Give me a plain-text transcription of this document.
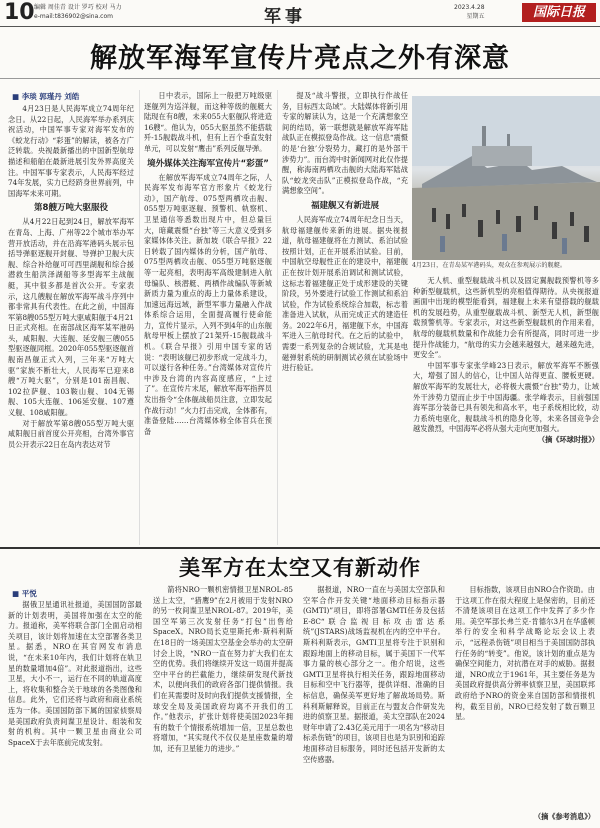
10 编辑 周佳青 设计 罗巧 校对 马力
e-mail:t836902@sina.com	军事	2023.4.28
星期五	国际日报
解放军海军宣传片亮点之外有深意
■ 李琰 郭瑾丹 刘皓

4月23日是人民海军成立74周年纪念日。从22日起，人民海军举办系列庆祝活动，中国军事专家对海军发布的《蛟龙行动》“彩蛋”的解读，被各方广泛转载。央视最新播出的中国新型航母描述和船舶在最新进展引发外界高度关注。中国军事专家表示，人民海军经过74年发展，实力已经跻身世界前列，中国海军未来可期。

第8艘万吨大驱服役

从4月22日起到24日，解放军海军在青岛、上海、广州等22个城市举办军营开放活动，并在沿海军港码头展示包括导弹驱逐舰开封舰、导弹护卫舰大庆舰、综合补给舰可可西里湖舰和综合援潜救生船洪泽湖船等多型海军主战舰艇，其中很多都是首次公开。专家表示，这几艘舰在解放军海军战斗序列中都非常具有代表性。在此之前，中国海军第8艘055型万吨大驱咸阳舰于4月21日正式亮相。在南部战区海军某军港码头，咸阳舰、大连舰、延安舰三艘055型驱逐舰同框。2020年055型驱逐舰首舰南昌舰正式入列，三年来“万吨大驱”家族不断壮大，人民海军已迎来8艘“万吨大驱”，分别是101南昌舰、102拉萨舰、103鞍山舰、104无锡舰、105大连舰、106延安舰、107遵义舰、108咸阳舰。

对于解放军第8艘055型万吨大驱咸阳舰日前首度公开亮相，台湾外事官员公开表示22日在岛内表达对节

日中表示，国际上一般把万吨级驱逐舰列为巡洋舰，而这种等级的舰艇大陆现在有8艘，未来055大驱舰队将进造16艘“。他认为，055大驱虽然不能搭载歼-15舰载战斗机，但有上百个垂直发射单元，可以发射“鹰击”系列反舰导弹。

境外媒体关注海军宣传片“彩蛋”

在解放军海军成立74周年之际，人民海军发布海军官方形象片《蛟龙行动》，国产航母、075型两栖攻击舰、055型万吨驱逐舰、预警机、轨察机、卫星通信等悉数出现片中，但总量巨大，暗藏震慑“台独”等三大意义受到多家媒体体关注。新加坡《联合早报》22日转载了国内媒体的分析，国产航母、075型两栖攻击舰、055型万吨驱逐舰等一起亮相，表明海军高级建制进入航母编队、核潜艇、两栖作战编队等新城新质力量为重点的海上力量体系建设，加速远海远域，新型军事力量融入作战体系综合运用，全面提高履行使命能力，宣传片显示，入列不到4年的山东舰航母甲板上摆放了21架歼-15舰载战斗机。《联合早报》引用中国专家的话说：“表明该舰已初步形成一定战斗力，可以遂行各种任务。”台湾媒体对宣传片中涉及台湾的内容高度感应，“上过了”。在宣传片末尾，解放军海军指挥员发出指令“全体舰战船员注意，立即发起作战行动！”火力打击完成，全体都有，准备登陆……台湾媒体称全体官兵在预备

提及“战斗警报，立即执行作战任务，目标西太岛域”。大陆媒体将新引用专家的解读认为，这是一个充满想象空间的结局，第一联想就是解放军海军陆战队正在模拟登岛作战。这一信息“震慑的是‘台独’分裂势力，藏打的是外部干涉势力”。而台湾中时新闻网对此仅作提醒，称海南两栖攻击舰的大陆海军陆战队“蛟龙突击队”正模拟登岛作战，“充满想象空间”。

福建舰又有新进展

人民海军成立74周年纪念日当天，航母福建舰传来新的进展。据央视报道，航母福建舰将在力测试、系泊试验按照计划，正在开展系泊试验。目前，中国航空母舰性正在的建设中，福建舰正在按计划开展系泊调试和测试试验，这标志着福建舰正处于成形建设的关键阶段，另外要进行试验工作测试和系泊试验，作为试验系统综合加载，标志着准备进入试航，从而完成正式的建造任务。2022年6月，福建舰下水，中国海军进入三航母时代。在之后的试验中，需要一系列复杂的合规试验，尤其是电磁弹射系统的研制测试必须在试验场中进行验证。

4月23日，在青岛某军港码头，观众在参观展示的舰艇。

无人机、重型舰载战斗机以及固定翼舰载预警机等多种新型舰载机，这些新机型的亮相值得期待。从央视报道画面中出现的模型能看到，福建舰上未来有望搭载的舰载机的发展趋势，从重型舰载战斗机、新型无人机，新型舰载预警机等。专家表示，对这些新型舰载机的作用来看，航母的舰载机数量和作战能力会有所提高，同时可进一步提升作战能力，“航母的实力会越来越强大，越来越先进，更安全”。

中国军事专家张学峰23日表示，解放军海军不断强大，增强了国人的信心，让中国人站得更直、腰板更硬。解放军海军的发展壮大，必将极大震慑“台独”势力，让域外干涉势力望而止步于中国海疆。张学峰表示，目前强国海军部分装备已具有领先和高水平，电子系统相比较，动力系统电驱化，舰载战斗机的隐身化等，未来各国竞争会越发激烈，中国海军必将从强大走向更加强大。

（摘《环球时报》）
美军方在太空又有新动作
■ 平悦

据俄卫星通讯社报道，美国国防部最新的计划表明，美国将加强在太空的能力。报道称，美军将联合部门全面启动相关项目，该计划将加速在太空部署各类卫星。据悉，NRO在其官网发布消息说，“在未来10年内，我们计划将在轨卫星的数量增加4倍”。对此报道指出，这些卫星，大小不一，运行在不同的轨道高度上，将收集和整合关于地球的各类图像和信息。此外，它们还将与政府和商业系统连为一体。美国国防部下属的国家侦察局是美国政府负责间谍卫星设计、组装和发射的机构。其中一颗卫星由商业公司SpaceX于去年底前完成发射。

箭将NRO一颗机密情报卫星NROL-85送上太空，“猎鹰9”在2月被用于发射NRO的另一枚间谍卫星NROL-87。2019年，美国空军第三次发射任务“打包”出售给SpaceX。NRO局长克里斯托弗·斯科利斯在18日的一场美国太空基金会举办的太空研讨会上说，“NRO一直在努力扩大我们在太空的优势。我们将继续开发这一局面并提高空中平台的拦截能力，继续研发现代新技术，以便向我们的政府各部门提供情报。我们在其需要时及时向我们提供支援情报，全球安全局及美国政府均离不开我们的工作。”他表示，扩张计划将使美国2023年拥有的数千个情报系统增加一倍，卫星总数也将增加，“其实现代不仅仅是星座数量的增加，还有卫星能力的进步。”

据报道，NRO一直在与美国太空部队和空军合作开发关键“地面移动目标指示器(GMTI)”项目，即将部署GMTI任务及包括E-8C“联合监视目标攻击雷达系统”(JSTARS)战场监视机在内的空中平台。斯科利斯表示，GMTI卫星将专注于识别和跟踪地面上的移动目标，属于美国下一代军事力量的核心部分之一。他介绍说，这些GMTI卫星将执行相关任务，跟踪地面移动目标和空中飞行器等，提供详细、准确的目标信息，确保美军更好地了解战场局势。斯科利斯解释说，目前正在与盟友合作研发先进的侦察卫星。据报道，美太空部队在2024财年申请了2.43亿美元用于一项名为“移动目标杀伤链”的项目，该项目也是为识别和追踪地面移动目标服务，同时还包括开发新的太空传感器。

目标指数，该项目由NRO合作资助。由于这项工作在很大程度上是保密的，目前还不清楚该项目在这项工作中发挥了多少作用。美空军部长弗兰克·肯德尔3月在华盛顿举行的安全和科学战略论坛会议上表示，“远程杀伤链”项目相当于美国国防部执行任务的“转变”。他说，该计划的重点是为确保空间能力，对抗潜在对手的威胁。据报道，NRO成立于1961年，其主要任务是为美国政府提供高分辨率侦察卫星，美国联邦政府给予NRO的资金来自国防部和情报机构，截至目前，NRO已经发射了数百颗卫星。

（摘《参考消息》）
